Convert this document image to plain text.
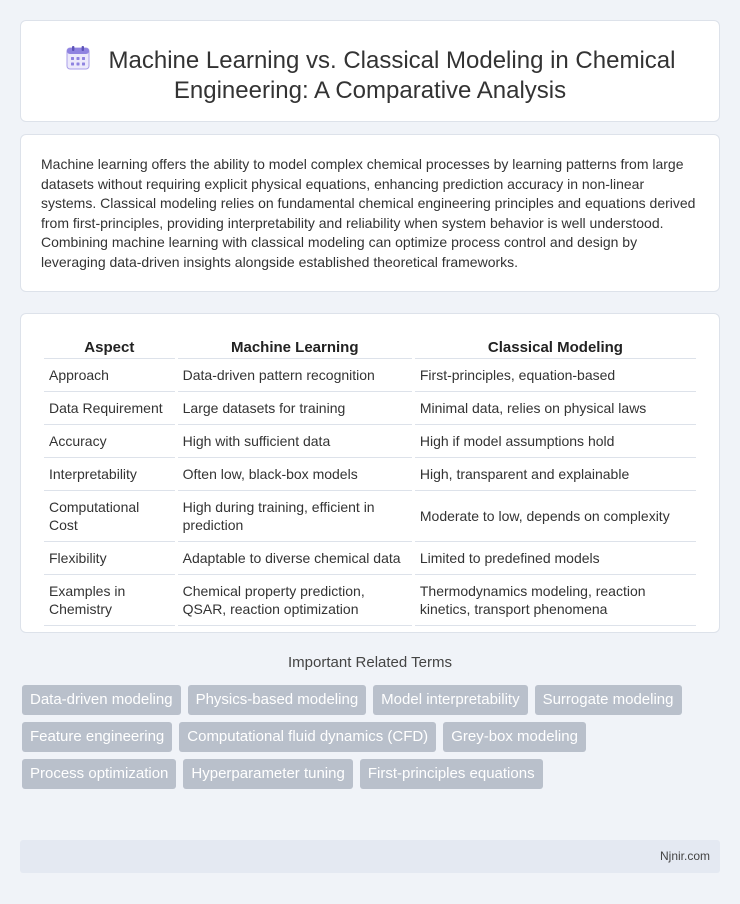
Machine Learning vs. Classical Modeling in Chemical Engineering: A Comparative Analysis

Machine learning offers the ability to model complex chemical processes by learning patterns from large datasets without requiring explicit physical equations, enhancing prediction accuracy in non-linear systems. Classical modeling relies on fundamental chemical engineering principles and equations derived from first-principles, providing interpretability and reliability when system behavior is well understood. Combining machine learning with classical modeling can optimize process control and design by leveraging data-driven insights alongside established theoretical frameworks.

Aspect	Machine Learning	Classical Modeling
Approach	Data-driven pattern recognition	First-principles, equation-based
Data Requirement	Large datasets for training	Minimal data, relies on physical laws
Accuracy	High with sufficient data	High if model assumptions hold
Interpretability	Often low, black-box models	High, transparent and explainable
Computational Cost	High during training, efficient in prediction	Moderate to low, depends on complexity
Flexibility	Adaptable to diverse chemical data	Limited to predefined models
Examples in Chemistry	Chemical property prediction, QSAR, reaction optimization	Thermodynamics modeling, reaction kinetics, transport phenomena
Important Related Terms
Data-driven modeling	Physics-based modeling	Model interpretability	Surrogate modeling
Feature engineering	Computational fluid dynamics (CFD)	Grey-box modeling
Process optimization	Hyperparameter tuning	First-principles equations
Njnir.com
